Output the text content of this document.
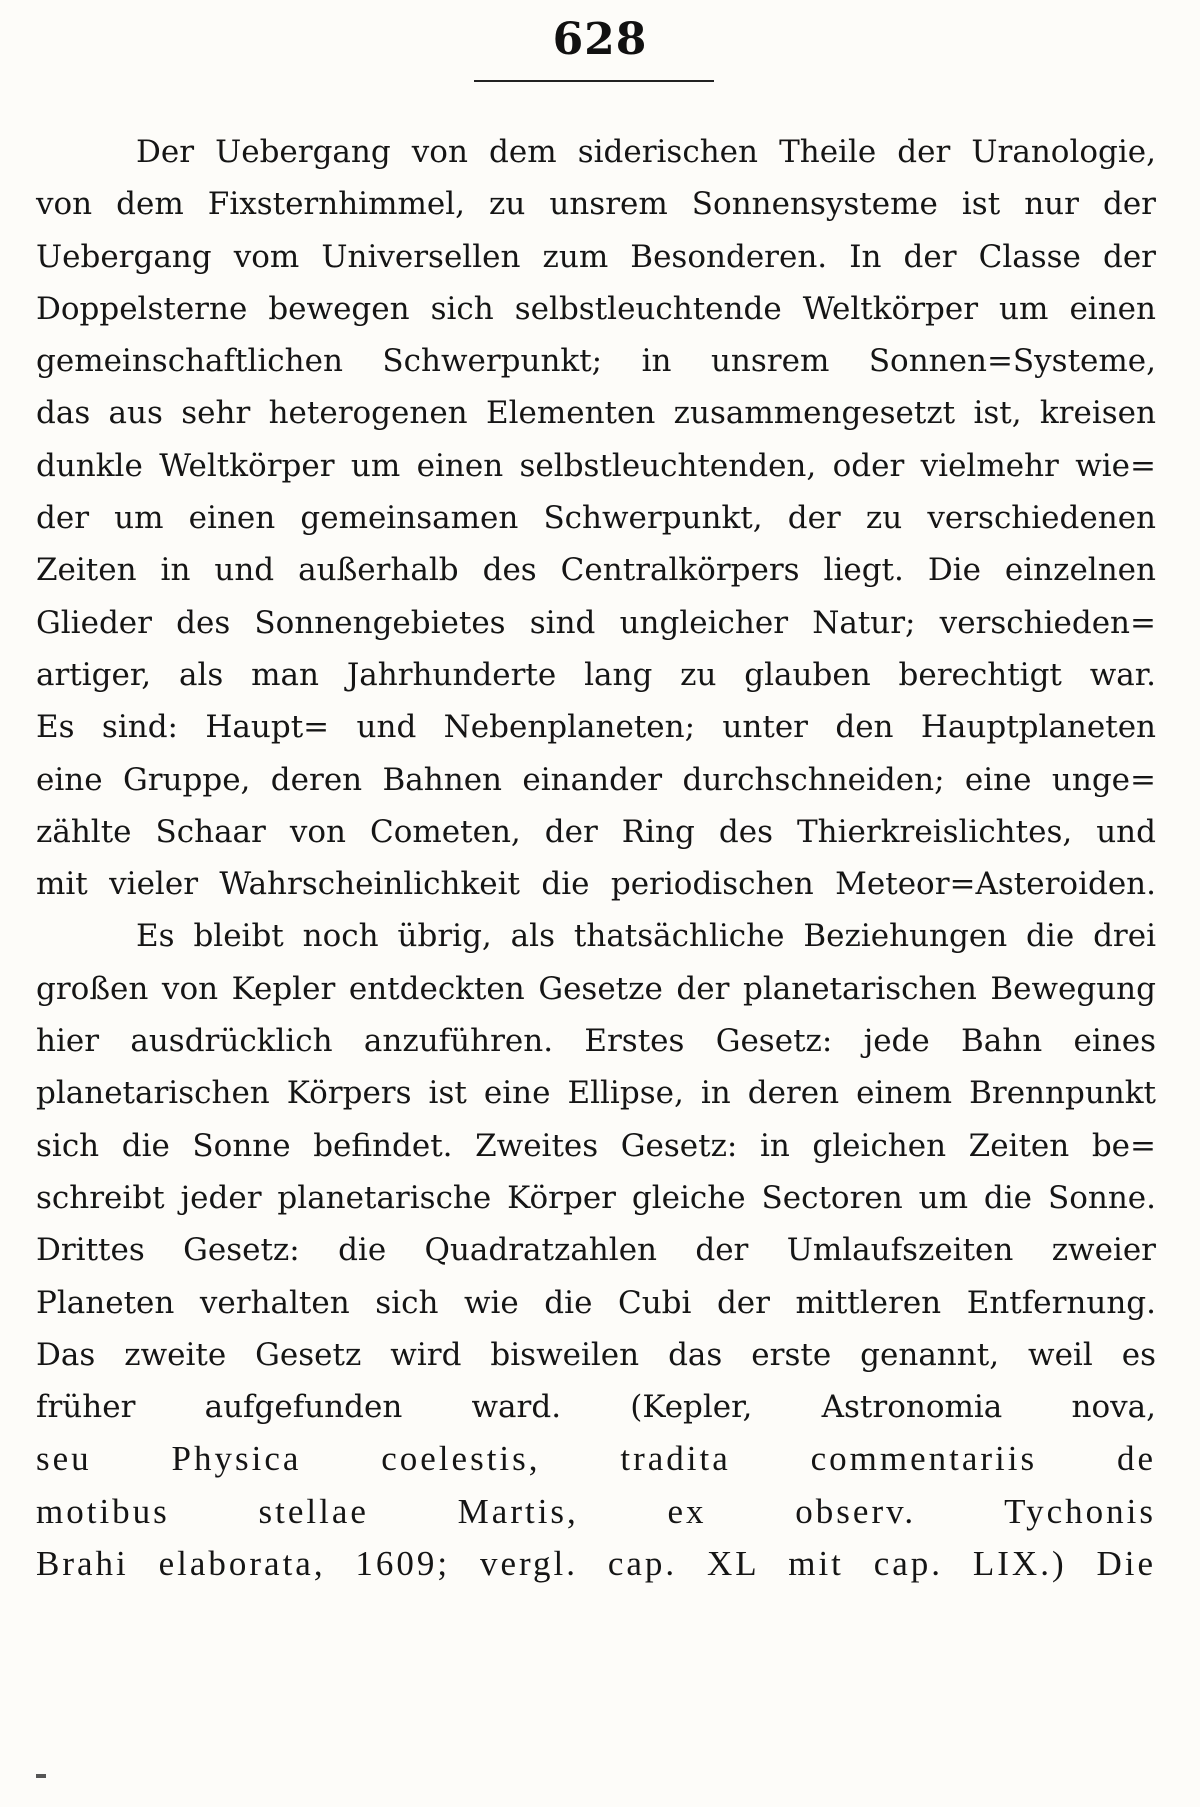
628
Der Uebergang von dem siderischen Theile der Uranologie,
von dem Fixsternhimmel, zu unsrem Sonnensysteme ist nur der
Uebergang vom Universellen zum Besonderen. In der Classe der
Doppelsterne bewegen sich selbstleuchtende Weltkörper um einen
gemeinschaftlichen Schwerpunkt; in unsrem Sonnen=Systeme,
das aus sehr heterogenen Elementen zusammengesetzt ist, kreisen
dunkle Weltkörper um einen selbstleuchtenden, oder vielmehr wie=
der um einen gemeinsamen Schwerpunkt, der zu verschiedenen
Zeiten in und außerhalb des Centralkörpers liegt. Die einzelnen
Glieder des Sonnengebietes sind ungleicher Natur; verschieden=
artiger, als man Jahrhunderte lang zu glauben berechtigt war.
Es sind: Haupt= und Nebenplaneten; unter den Hauptplaneten
eine Gruppe, deren Bahnen einander durchschneiden; eine unge=
zählte Schaar von Cometen, der Ring des Thierkreislichtes, und
mit vieler Wahrscheinlichkeit die periodischen Meteor=Asteroiden.
Es bleibt noch übrig, als thatsächliche Beziehungen die drei
großen von Kepler entdeckten Gesetze der planetarischen Bewegung
hier ausdrücklich anzuführen. Erstes Gesetz: jede Bahn eines
planetarischen Körpers ist eine Ellipse, in deren einem Brennpunkt
sich die Sonne befindet. Zweites Gesetz: in gleichen Zeiten be=
schreibt jeder planetarische Körper gleiche Sectoren um die Sonne.
Drittes Gesetz: die Quadratzahlen der Umlaufszeiten zweier
Planeten verhalten sich wie die Cubi der mittleren Entfernung.
Das zweite Gesetz wird bisweilen das erste genannt, weil es
früher aufgefunden ward. (Kepler, Astronomia nova,
seu Physica coelestis, tradita commentariis de
motibus stellae Martis, ex observ. Tychonis
Brahi elaborata, 1609; vergl. cap. XL mit cap. LIX.) Die
